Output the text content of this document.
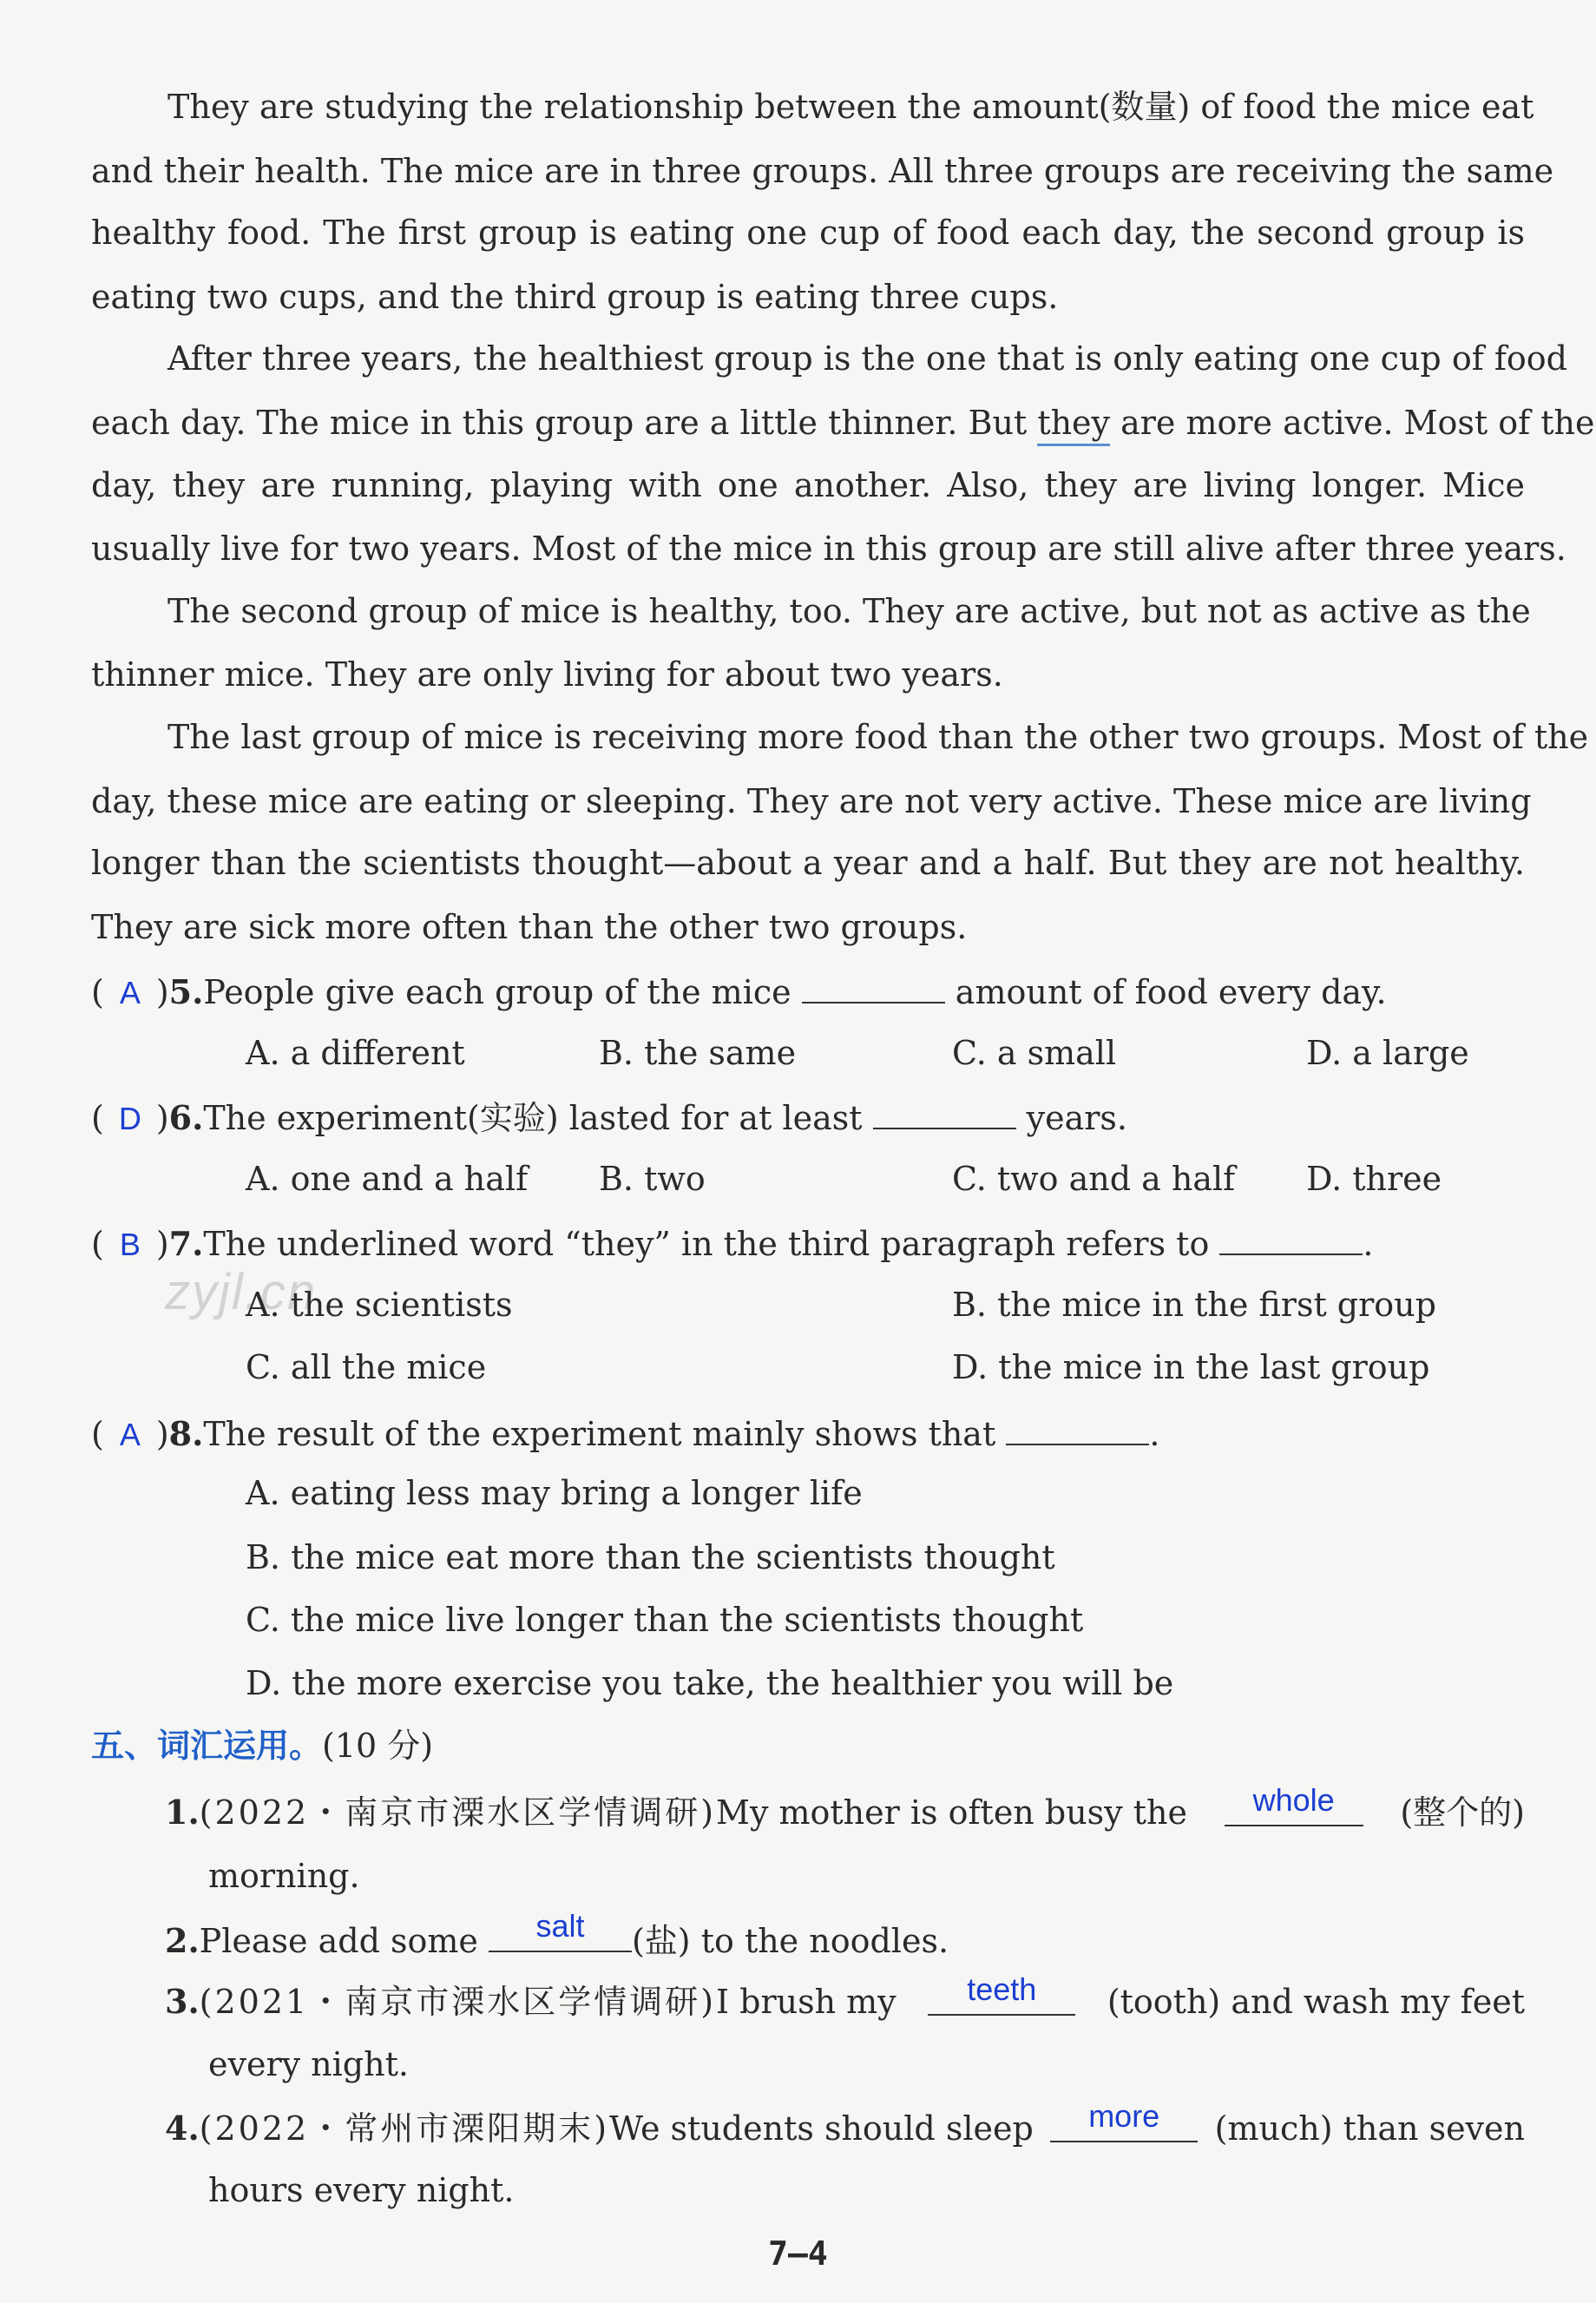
zyjl.cn
They are studying the relationship between the amount(数量) of food the mice eat
and their health. The mice are in three groups. All three groups are receiving the same
healthy food. The first group is eating one cup of food each day, the second group is
eating two cups, and the third group is eating three cups.
After three years, the healthiest group is the one that is only eating one cup of food
each day. The mice in this group are a little thinner. But they are more active. Most of the
day, they are running, playing with one another. Also, they are living longer. Mice
usually live for two years. Most of the mice in this group are still alive after three years.
The second group of mice is healthy, too. They are active, but not as active as the
thinner mice. They are only living for about two years.
The last group of mice is receiving more food than the other two groups. Most of the
day, these mice are eating or sleeping. They are not very active. These mice are living
longer than the scientists thought—about a year and a half. But they are not healthy.
They are sick more often than the other two groups.
( A )5.People give each group of the mice	amount of food every day.
A. a different	B. the same	C. a small	D. a large
( D )6.The experiment(实验) lasted for at least	years.
A. one and a half B. two	C. two and a half D. three
( B )7.The underlined word “they” in the third paragraph refers to	.
A. the scientists	B. the mice in the first group
C. all the mice	D. the mice in the last group
( A )8.The result of the experiment mainly shows that	.
A. eating less may bring a longer life
B. the mice eat more than the scientists thought
C. the mice live longer than the scientists thought
D. the more exercise you take, the healthier you will be
五、词汇运用。(10 分)
1.(2022・南京市溧水区学情调研)My mother is often busy the	whole	(整个的)
morning.
2.Please add some	salt	(盐) to the noodles.
3.(2021・南京市溧水区学情调研)I brush my	teeth	(tooth) and wash my feet
every night.
4.(2022・常州市溧阳期末)We students should sleep	more	(much) than seven
hours every night.
7—4
